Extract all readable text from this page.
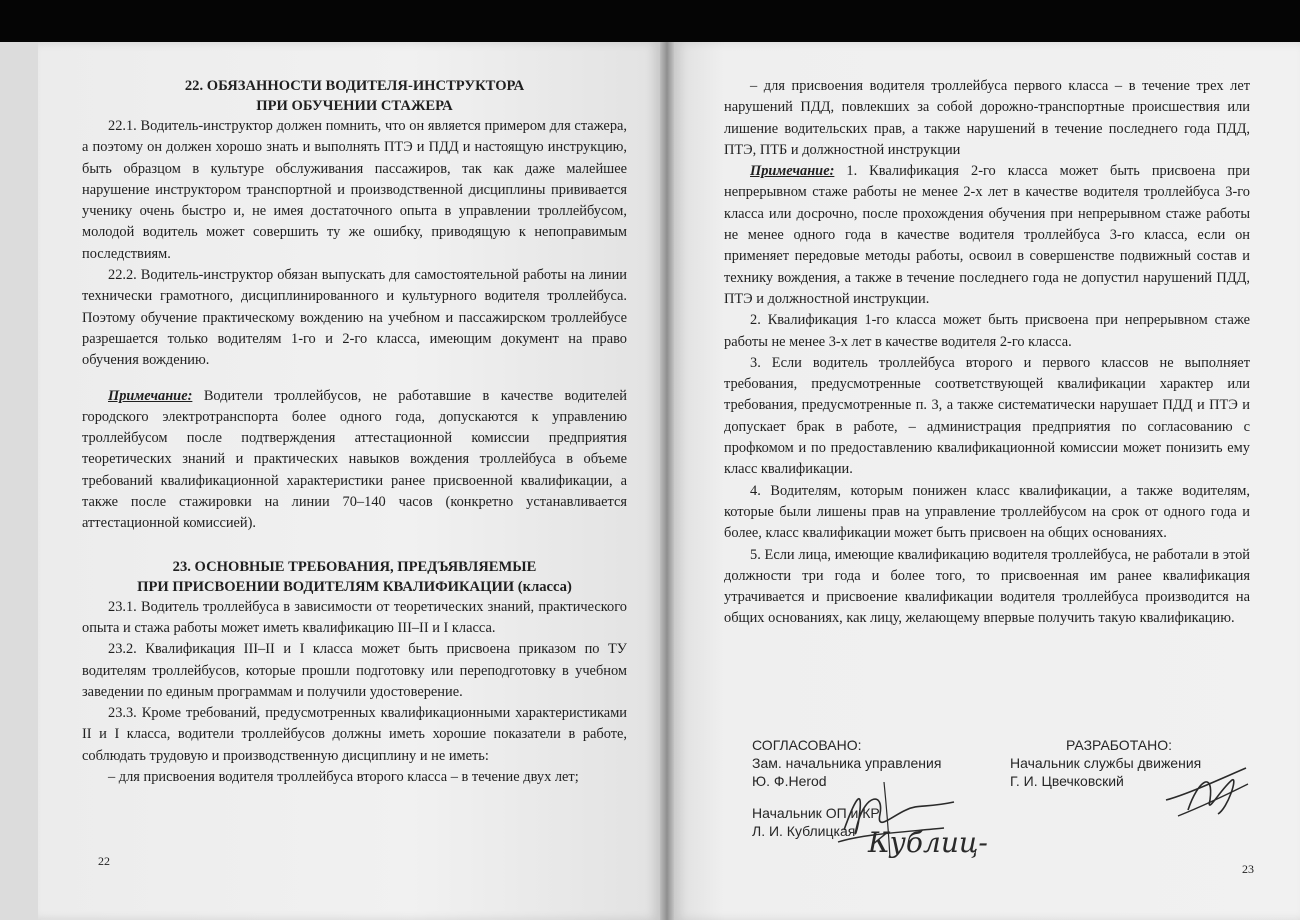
22. ОБЯЗАННОСТИ ВОДИТЕЛЯ-ИНСТРУКТОРА
ПРИ ОБУЧЕНИИ СТАЖЕРА

22.1. Водитель-инструктор должен помнить, что он является примером для стажера, а поэтому он должен хорошо знать и выполнять ПТЭ и ПДД и настоящую инструкцию, быть образцом в культуре обслуживания пассажиров, так как даже малейшее нарушение инструктором транспортной и производственной дисциплины прививается ученику очень быстро и, не имея достаточного опыта в управлении троллейбусом, молодой водитель может совершить ту же ошибку, приводящую к непоправимым последствиям.

22.2. Водитель-инструктор обязан выпускать для самостоятельной работы на линии технически грамотного, дисциплинированного и культурного водителя троллейбуса. Поэтому обучение практическому вождению на учебном и пассажирском троллейбусе разрешается только водителям 1-го и 2-го класса, имеющим документ на право обучения вождению.

Примечание: Водители троллейбусов, не работавшие в качестве водителей городского электротранспорта более одного года, допускаются к управлению троллейбусом после подтверждения аттестационной комиссии предприятия теоретических знаний и практических навыков вождения троллейбуса в объеме требований квалификационной характеристики ранее присвоенной квалификации, а также после стажировки на линии 70–140 часов (конкретно устанавливается аттестационной комиссией).

23. ОСНОВНЫЕ ТРЕБОВАНИЯ, ПРЕДЪЯВЛЯЕМЫЕ
ПРИ ПРИСВОЕНИИ ВОДИТЕЛЯМ КВАЛИФИКАЦИИ (класса)

23.1. Водитель троллейбуса в зависимости от теоретических знаний, практического опыта и стажа работы может иметь квалификацию III–II и I класса.

23.2. Квалификация III–II и I класса может быть присвоена приказом по ТУ водителям троллейбусов, которые прошли подготовку или переподготовку в учебном заведении по единым программам и получили удостоверение.

23.3. Кроме требований, предусмотренных квалификационными характеристиками II и I класса, водители троллейбусов должны иметь хорошие показатели в работе, соблюдать трудовую и производственную дисциплину и не иметь:

– для присвоения водителя троллейбуса второго класса – в течение двух лет;

22

– для присвоения водителя троллейбуса первого класса – в течение трех лет нарушений ПДД, повлекших за собой дорожно-транспортные происшествия или лишение водительских прав, а также нарушений в течение последнего года ПДД, ПТЭ, ПТБ и должностной инструкции

Примечание: 1. Квалификация 2-го класса может быть присвоена при непрерывном стаже работы не менее 2-х лет в качестве водителя троллейбуса 3-го класса или досрочно, после прохождения обучения при непрерывном стаже работы не менее одного года в качестве водителя троллейбуса 3-го класса, если он применяет передовые методы работы, освоил в совершенстве подвижный состав и технику вождения, а также в течение последнего года не допустил нарушений ПДД, ПТЭ и должностной инструкции.

2. Квалификация 1-го класса может быть присвоена при непрерывном стаже работы не менее 3-х лет в качестве водителя 2-го класса.

3. Если водитель троллейбуса второго и первого классов не выполняет требования, предусмотренные соответствующей квалификации характер или требования, предусмотренные п. 3, а также систематически нарушает ПДД и ПТЭ и допускает брак в работе, – администрация предприятия по согласованию с профкомом и по предоставлению квалификационной комиссии может понизить ему класс квалификации.

4. Водителям, которым понижен класс квалификации, а также водителям, которые были лишены прав на управление троллейбусом на срок от одного года и более, класс квалификации может быть присвоен на общих основаниях.

5. Если лица, имеющие квалификацию водителя троллейбуса, не работали в этой должности три года и более того, то присвоенная им ранее квалификация утрачивается и присвоение квалификации водителя троллейбуса производится на общих основаниях, как лицу, желающему впервые получить такую квалификацию.

СОГЛАСОВАНО:
Зам. начальника управления
Ю. Ф.Herod
РАЗРАБОТАНО:
Начальник службы движения
Г. И. Цвечковский
Начальник ОП и КР
Л. И. Кублицкая Кублиц-
23
